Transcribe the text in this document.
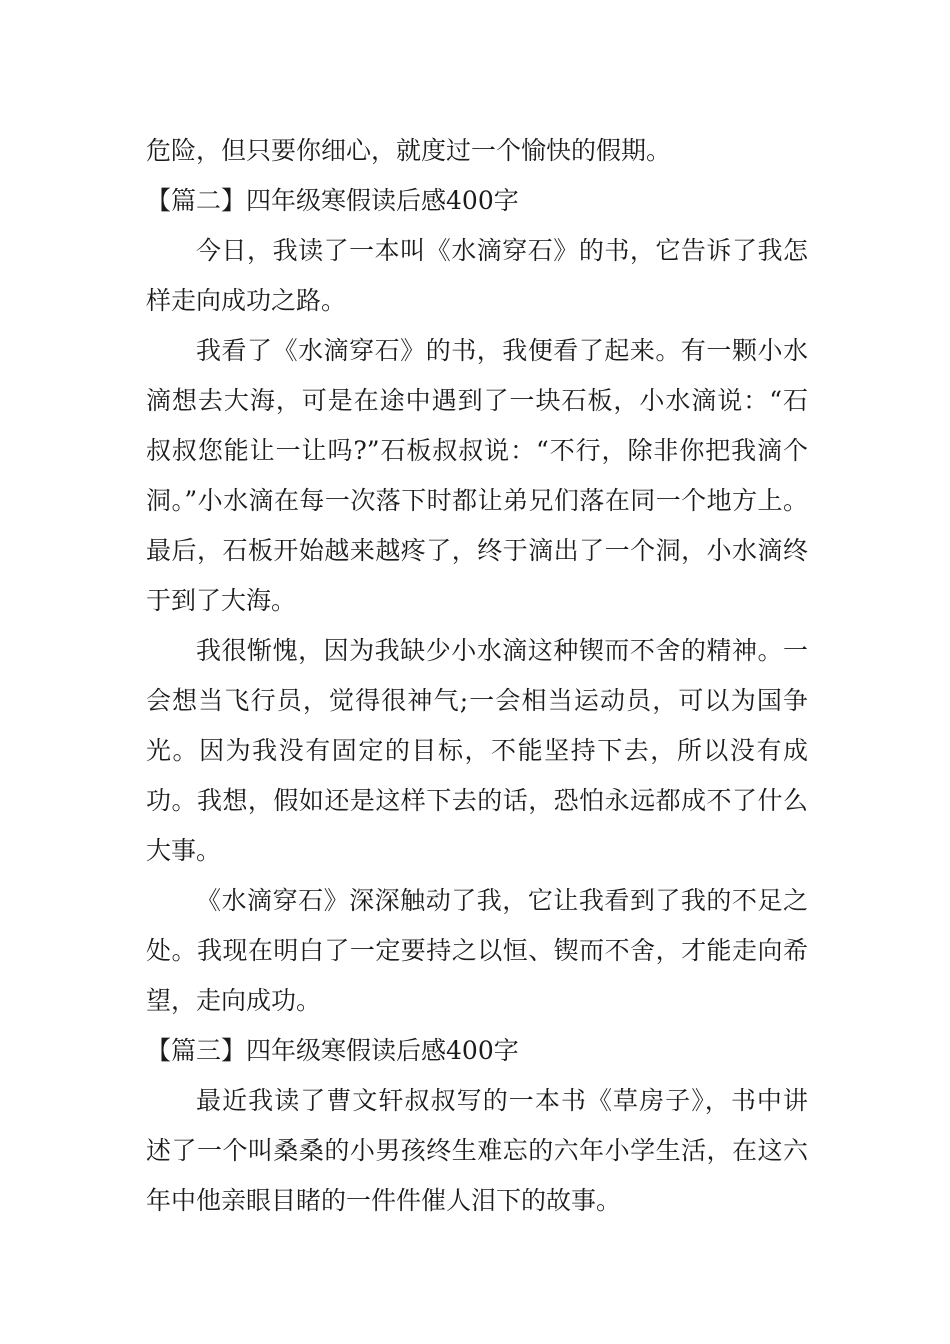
危险，但只要你细心，就度过一个愉快的假期。

【篇二】四年级寒假读后感400字

今日，我读了一本叫《水滴穿石》的书，它告诉了我怎样走向成功之路。

我看了《水滴穿石》的书，我便看了起来。有一颗小水滴想去大海，可是在途中遇到了一块石板，小水滴说：“石叔叔您能让一让吗?”石板叔叔说：“不行，除非你把我滴个洞。”小水滴在每一次落下时都让弟兄们落在同一个地方上。最后，石板开始越来越疼了，终于滴出了一个洞，小水滴终于到了大海。

我很惭愧，因为我缺少小水滴这种锲而不舍的精神。一会想当飞行员，觉得很神气;一会相当运动员，可以为国争光。因为我没有固定的目标，不能坚持下去，所以没有成功。我想，假如还是这样下去的话，恐怕永远都成不了什么大事。

《水滴穿石》深深触动了我，它让我看到了我的不足之处。我现在明白了一定要持之以恒、锲而不舍，才能走向希望，走向成功。

【篇三】四年级寒假读后感400字

最近我读了曹文轩叔叔写的一本书《草房子》，书中讲述了一个叫桑桑的小男孩终生难忘的六年小学生活，在这六年中他亲眼目睹的一件件催人泪下的故事。
